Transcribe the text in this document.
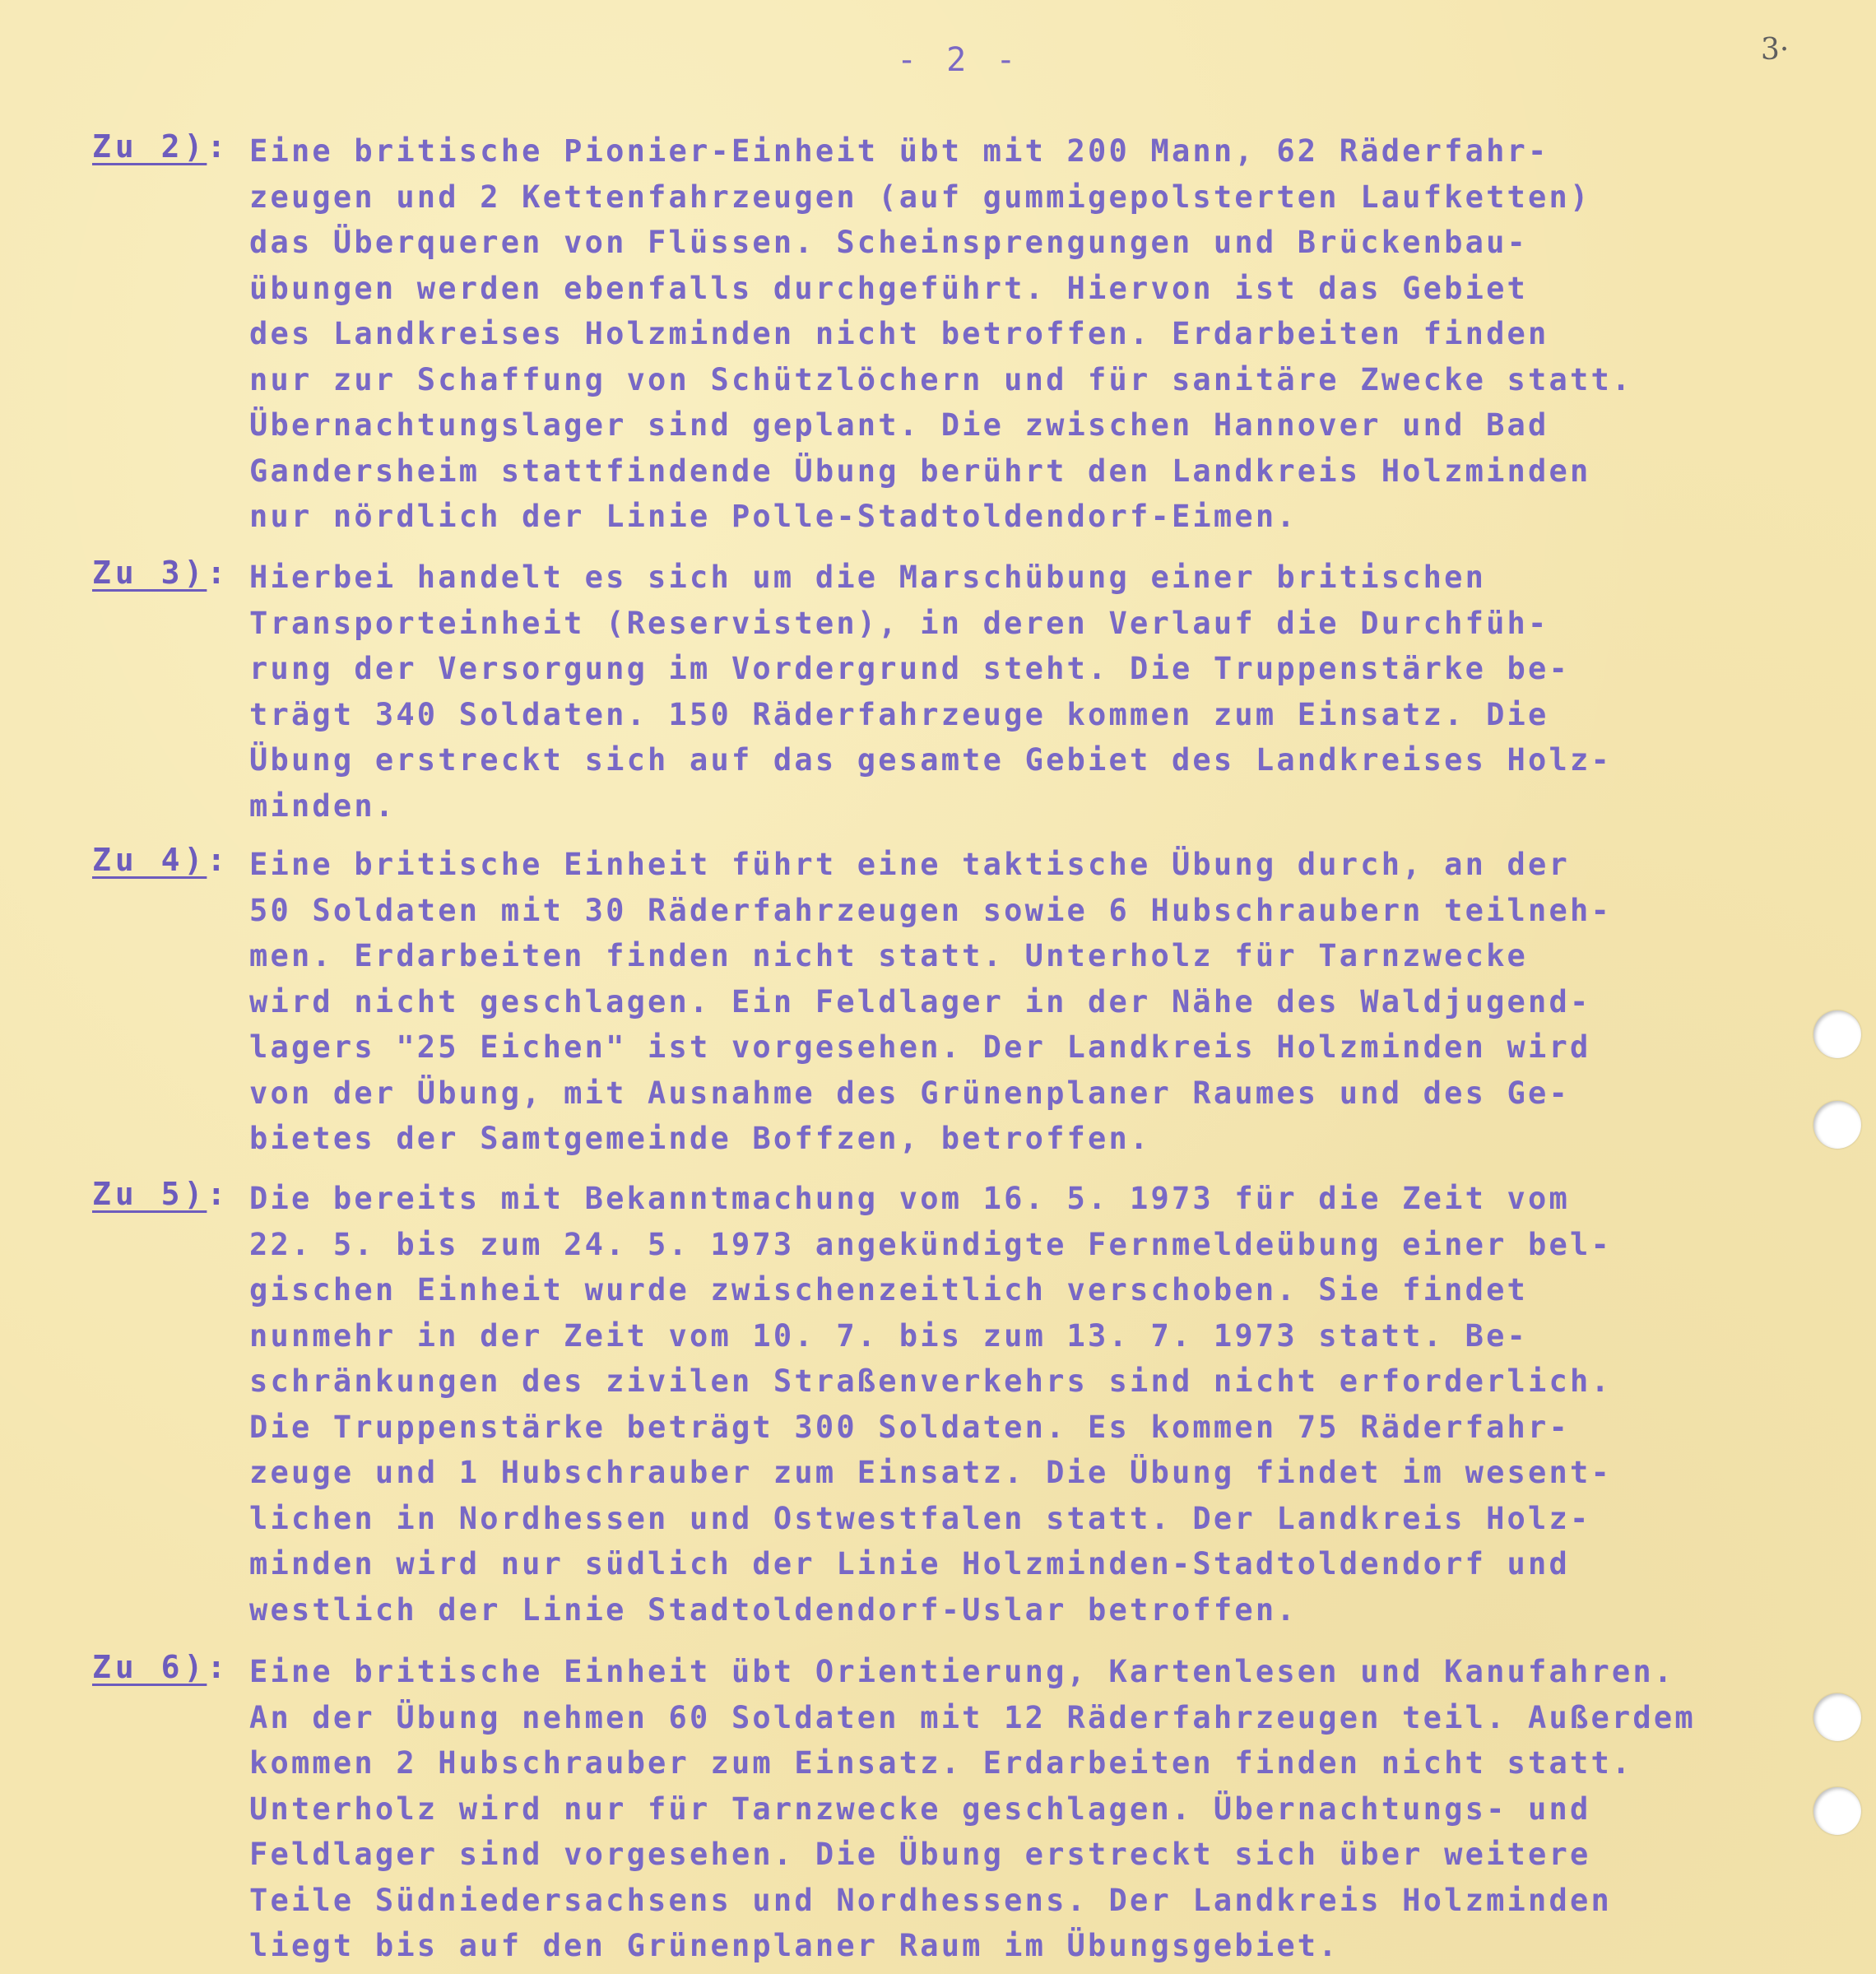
- 2 -	3·
Zu 2): Eine britische Pionier-Einheit übt mit 200 Mann, 62 Räderfahr-
zeugen und 2 Kettenfahrzeugen (auf gummigepolsterten Laufketten)
das Überqueren von Flüssen. Scheinsprengungen und Brückenbau-
übungen werden ebenfalls durchgeführt. Hiervon ist das Gebiet
des Landkreises Holzminden nicht betroffen. Erdarbeiten finden
nur zur Schaffung von Schützlöchern und für sanitäre Zwecke statt.
Übernachtungslager sind geplant. Die zwischen Hannover und Bad
Gandersheim stattfindende Übung berührt den Landkreis Holzminden
nur nördlich der Linie Polle-Stadtoldendorf-Eimen.
Zu 3): Hierbei handelt es sich um die Marschübung einer britischen
Transporteinheit (Reservisten), in deren Verlauf die Durchfüh-
rung der Versorgung im Vordergrund steht. Die Truppenstärke be-
trägt 340 Soldaten. 150 Räderfahrzeuge kommen zum Einsatz. Die
Übung erstreckt sich auf das gesamte Gebiet des Landkreises Holz-
minden.
Zu 4): Eine britische Einheit führt eine taktische Übung durch, an der
50 Soldaten mit 30 Räderfahrzeugen sowie 6 Hubschraubern teilneh-
men. Erdarbeiten finden nicht statt. Unterholz für Tarnzwecke
wird nicht geschlagen. Ein Feldlager in der Nähe des Waldjugend-
lagers "25 Eichen" ist vorgesehen. Der Landkreis Holzminden wird
von der Übung, mit Ausnahme des Grünenplaner Raumes und des Ge-
bietes der Samtgemeinde Boffzen, betroffen.
Zu 5): Die bereits mit Bekanntmachung vom 16. 5. 1973 für die Zeit vom
22. 5. bis zum 24. 5. 1973 angekündigte Fernmeldeübung einer bel-
gischen Einheit wurde zwischenzeitlich verschoben. Sie findet
nunmehr in der Zeit vom 10. 7. bis zum 13. 7. 1973 statt. Be-
schränkungen des zivilen Straßenverkehrs sind nicht erforderlich.
Die Truppenstärke beträgt 300 Soldaten. Es kommen 75 Räderfahr-
zeuge und 1 Hubschrauber zum Einsatz. Die Übung findet im wesent-
lichen in Nordhessen und Ostwestfalen statt. Der Landkreis Holz-
minden wird nur südlich der Linie Holzminden-Stadtoldendorf und
westlich der Linie Stadtoldendorf-Uslar betroffen.
Zu 6): Eine britische Einheit übt Orientierung, Kartenlesen und Kanufahren.
An der Übung nehmen 60 Soldaten mit 12 Räderfahrzeugen teil. Außerdem
kommen 2 Hubschrauber zum Einsatz. Erdarbeiten finden nicht statt.
Unterholz wird nur für Tarnzwecke geschlagen. Übernachtungs- und
Feldlager sind vorgesehen. Die Übung erstreckt sich über weitere
Teile Südniedersachsens und Nordhessens. Der Landkreis Holzminden
liegt bis auf den Grünenplaner Raum im Übungsgebiet.
